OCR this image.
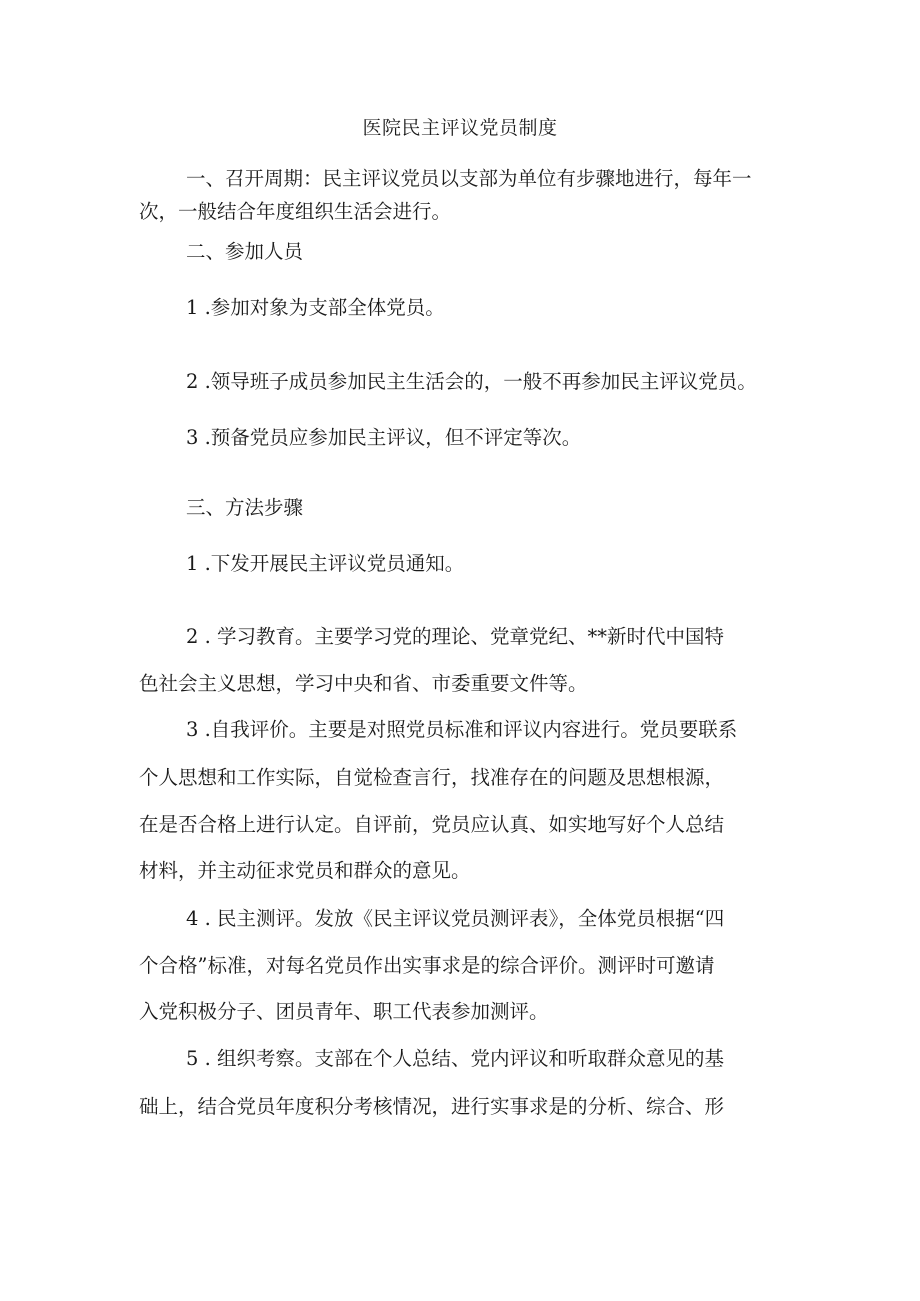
医院民主评议党员制度
一、召开周期：民主评议党员以支部为单位有步骤地进行，每年一
次，一般结合年度组织生活会进行。
二、参加人员
1 .参加对象为支部全体党员。
2 .领导班子成员参加民主生活会的，一般不再参加民主评议党员。
3 .预备党员应参加民主评议，但不评定等次。
三、方法步骤
1 .下发开展民主评议党员通知。
2 . 学习教育。主要学习党的理论、党章党纪、**新时代中国特
色社会主义思想，学习中央和省、市委重要文件等。
3 .自我评价。主要是对照党员标准和评议内容进行。党员要联系
个人思想和工作实际，自觉检查言行，找准存在的问题及思想根源，
在是否合格上进行认定。自评前，党员应认真、如实地写好个人总结
材料，并主动征求党员和群众的意见。
4 . 民主测评。发放《民主评议党员测评表》，全体党员根据“四
个合格”标准，对每名党员作出实事求是的综合评价。测评时可邀请
入党积极分子、团员青年、职工代表参加测评。
5 . 组织考察。支部在个人总结、党内评议和听取群众意见的基
础上，结合党员年度积分考核情况，进行实事求是的分析、综合、形
